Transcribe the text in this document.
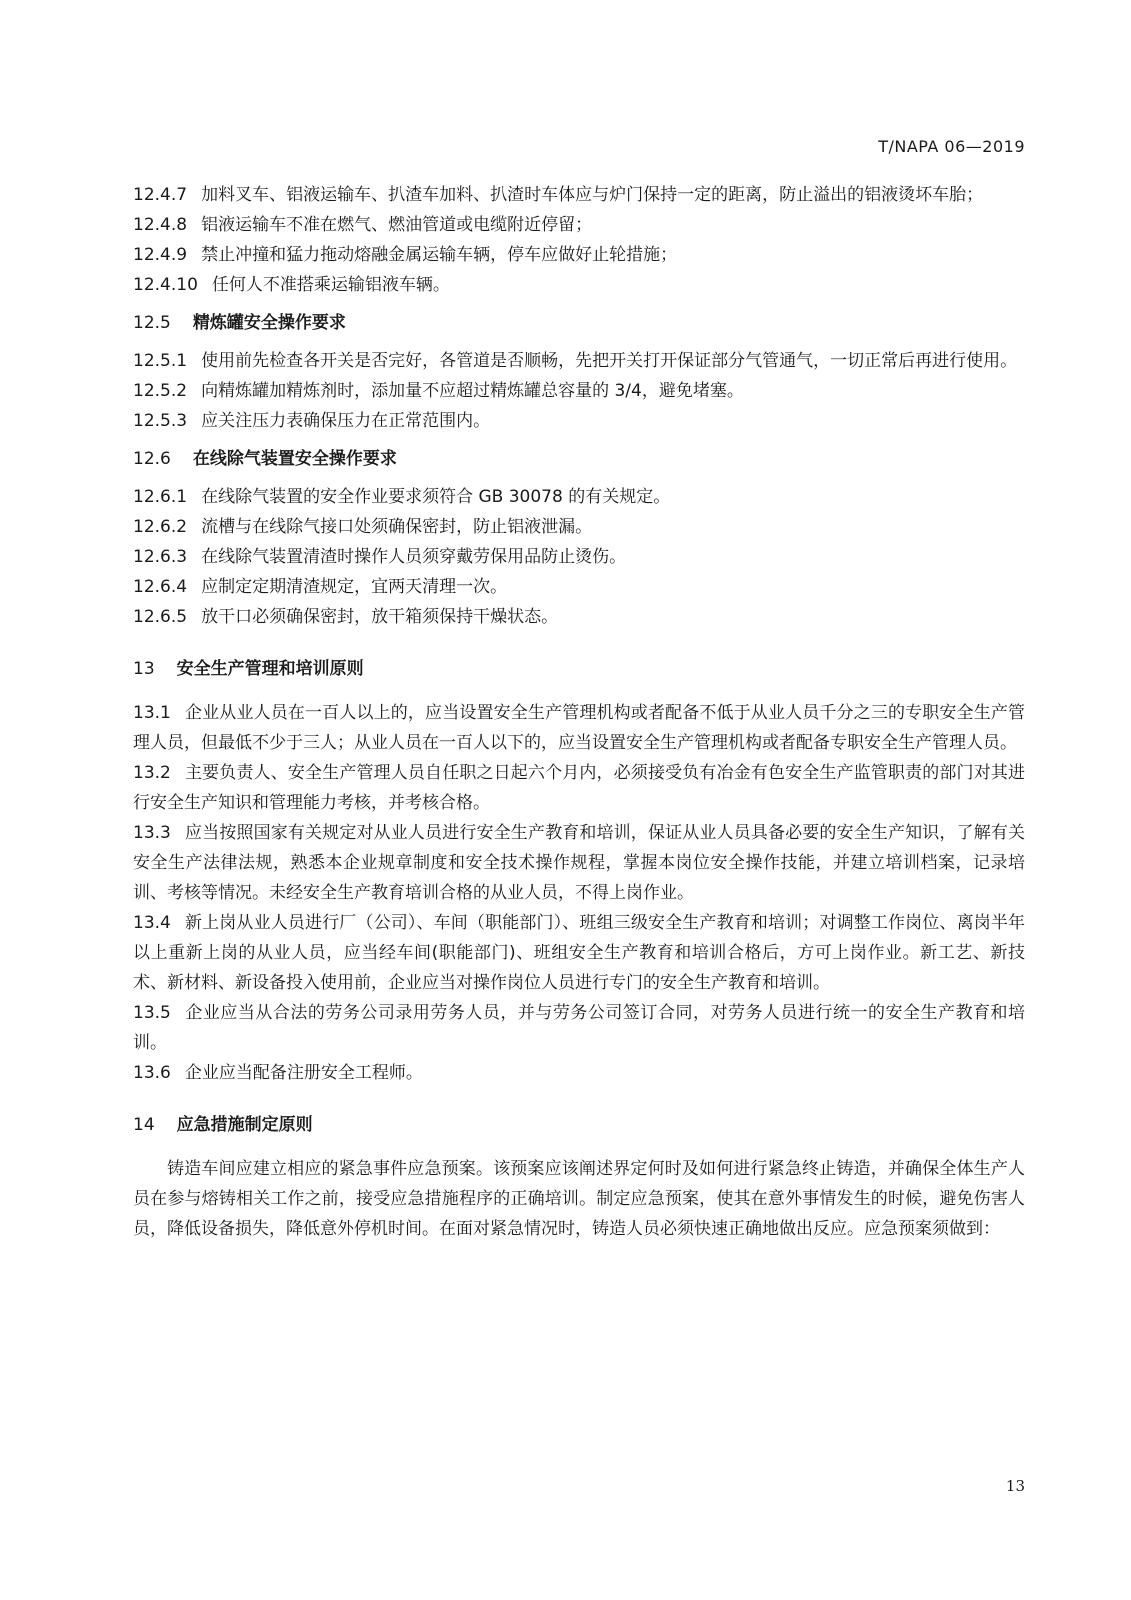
T/NAPA 06—2019

12.4.7 加料叉车、铝液运输车、扒渣车加料、扒渣时车体应与炉门保持一定的距离，防止溢出的铝液烫坏车胎；

12.4.8 铝液运输车不准在燃气、燃油管道或电缆附近停留；

12.4.9 禁止冲撞和猛力拖动熔融金属运输车辆，停车应做好止轮措施；

12.4.10 任何人不准搭乘运输铝液车辆。

12.5 精炼罐安全操作要求

12.5.1 使用前先检查各开关是否完好，各管道是否顺畅，先把开关打开保证部分气管通气，一切正常后再进行使用。

12.5.2 向精炼罐加精炼剂时，添加量不应超过精炼罐总容量的 3/4，避免堵塞。

12.5.3 应关注压力表确保压力在正常范围内。

12.6 在线除气装置安全操作要求

12.6.1 在线除气装置的安全作业要求须符合 GB 30078 的有关规定。

12.6.2 流槽与在线除气接口处须确保密封，防止铝液泄漏。

12.6.3 在线除气装置清渣时操作人员须穿戴劳保用品防止烫伤。

12.6.4 应制定定期清渣规定，宜两天清理一次。

12.6.5 放干口必须确保密封，放干箱须保持干燥状态。

13 安全生产管理和培训原则

13.1 企业从业人员在一百人以上的，应当设置安全生产管理机构或者配备不低于从业人员千分之三的专职安全生产管理人员，但最低不少于三人；从业人员在一百人以下的，应当设置安全生产管理机构或者配备专职安全生产管理人员。

13.2 主要负责人、安全生产管理人员自任职之日起六个月内，必须接受负有冶金有色安全生产监管职责的部门对其进行安全生产知识和管理能力考核，并考核合格。

13.3 应当按照国家有关规定对从业人员进行安全生产教育和培训，保证从业人员具备必要的安全生产知识，了解有关安全生产法律法规，熟悉本企业规章制度和安全技术操作规程，掌握本岗位安全操作技能，并建立培训档案，记录培训、考核等情况。未经安全生产教育培训合格的从业人员，不得上岗作业。

13.4 新上岗从业人员进行厂（公司）、车间（职能部门）、班组三级安全生产教育和培训；对调整工作岗位、离岗半年以上重新上岗的从业人员，应当经车间(职能部门)、班组安全生产教育和培训合格后，方可上岗作业。新工艺、新技术、新材料、新设备投入使用前，企业应当对操作岗位人员进行专门的安全生产教育和培训。

13.5 企业应当从合法的劳务公司录用劳务人员，并与劳务公司签订合同，对劳务人员进行统一的安全生产教育和培训。

13.6 企业应当配备注册安全工程师。

14 应急措施制定原则

铸造车间应建立相应的紧急事件应急预案。该预案应该阐述界定何时及如何进行紧急终止铸造，并确保全体生产人员在参与熔铸相关工作之前，接受应急措施程序的正确培训。制定应急预案，使其在意外事情发生的时候，避免伤害人员，降低设备损失，降低意外停机时间。在面对紧急情况时，铸造人员必须快速正确地做出反应。应急预案须做到：

13
